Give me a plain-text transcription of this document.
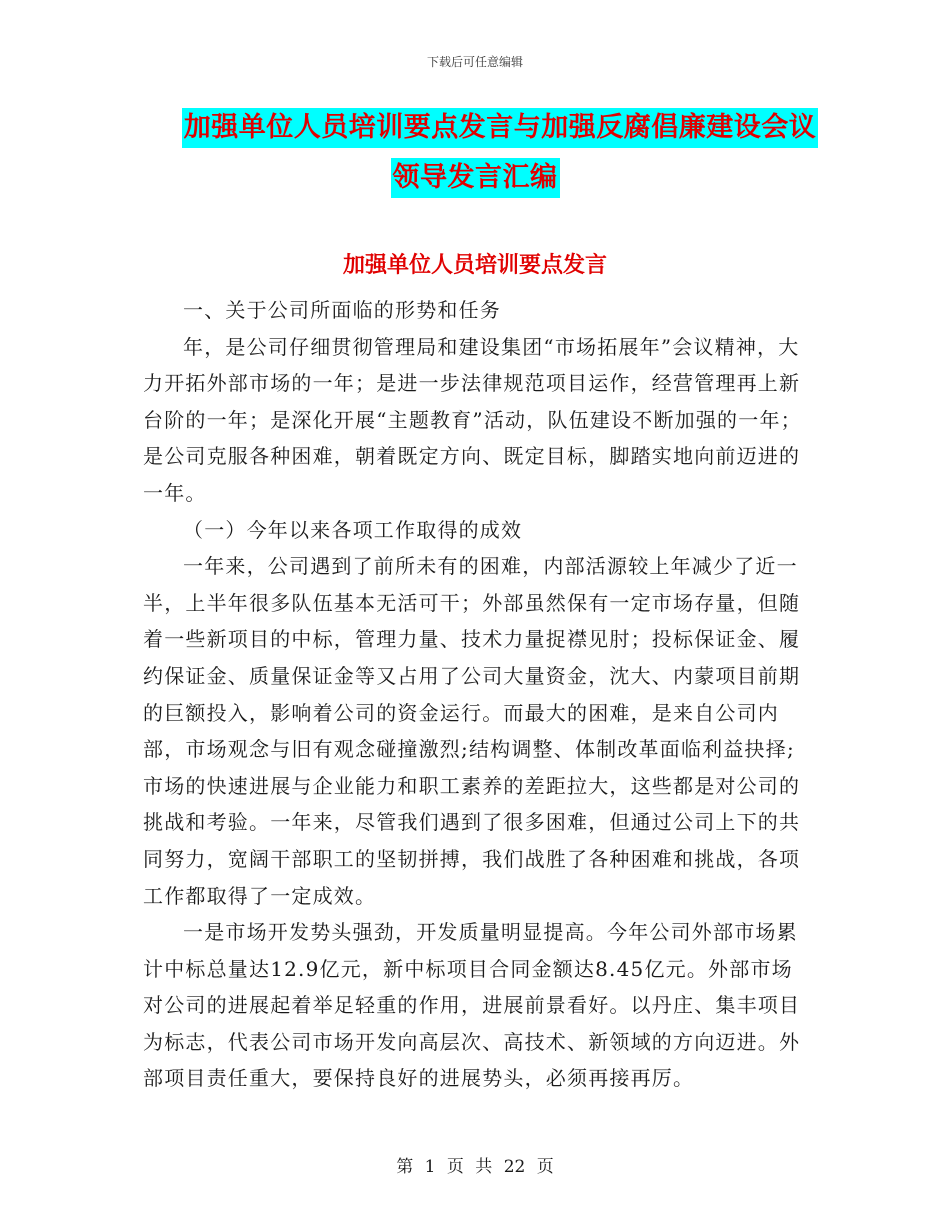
下载后可任意编辑
加强单位人员培训要点发言与加强反腐倡廉建设会议
领导发言汇编
加强单位人员培训要点发言

一、关于公司所面临的形势和任务

年，是公司仔细贯彻管理局和建设集团“市场拓展年”会议精神，大力开拓外部市场的一年；是进一步法律规范项目运作，经营管理再上新台阶的一年；是深化开展“主题教育”活动，队伍建设不断加强的一年；是公司克服各种困难，朝着既定方向、既定目标，脚踏实地向前迈进的一年。

（一）今年以来各项工作取得的成效

一年来，公司遇到了前所未有的困难，内部活源较上年减少了近一半，上半年很多队伍基本无活可干；外部虽然保有一定市场存量，但随着一些新项目的中标，管理力量、技术力量捉襟见肘；投标保证金、履约保证金、质量保证金等又占用了公司大量资金，沈大、内蒙项目前期的巨额投入，影响着公司的资金运行。而最大的困难，是来自公司内部，市场观念与旧有观念碰撞激烈;结构调整、体制改革面临利益抉择;市场的快速进展与企业能力和职工素养的差距拉大，这些都是对公司的挑战和考验。一年来，尽管我们遇到了很多困难，但通过公司上下的共同努力，宽阔干部职工的坚韧拼搏，我们战胜了各种困难和挑战，各项工作都取得了一定成效。

一是市场开发势头强劲，开发质量明显提高。今年公司外部市场累计中标总量达12.9亿元，新中标项目合同金额达8.45亿元。外部市场对公司的进展起着举足轻重的作用，进展前景看好。以丹庄、集丰项目为标志，代表公司市场开发向高层次、高技术、新领域的方向迈进。外部项目责任重大，要保持良好的进展势头，必须再接再厉。

第 1 页 共 22 页
